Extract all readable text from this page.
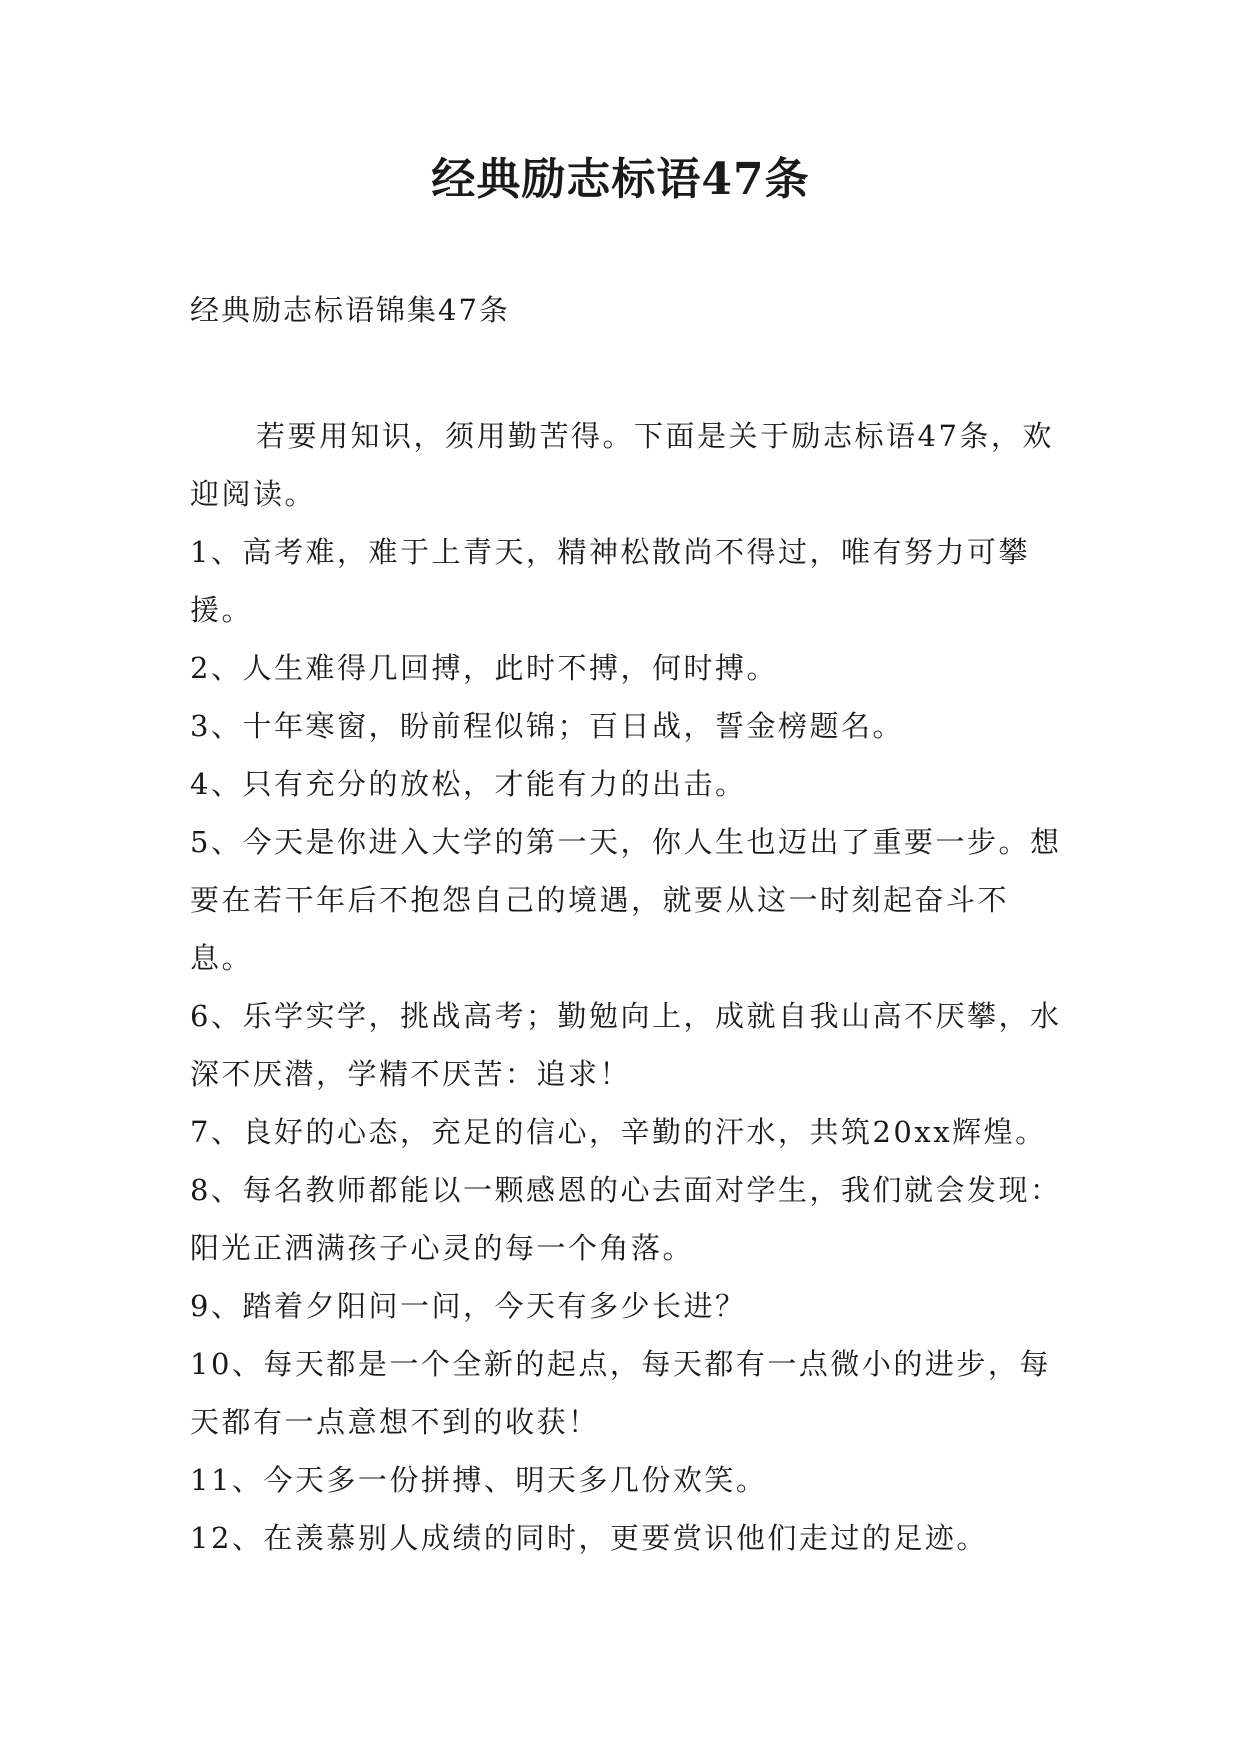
经典励志标语47条
经典励志标语锦集47条

若要用知识，须用勤苦得。下面是关于励志标语47条，欢迎阅读。

1、高考难，难于上青天，精神松散尚不得过，唯有努力可攀援。

2、人生难得几回搏，此时不搏，何时搏。

3、十年寒窗，盼前程似锦；百日战，誓金榜题名。

4、只有充分的放松，才能有力的出击。

5、今天是你进入大学的第一天，你人生也迈出了重要一步。想要在若干年后不抱怨自己的境遇，就要从这一时刻起奋斗不息。

6、乐学实学，挑战高考；勤勉向上，成就自我山高不厌攀，水深不厌潜，学精不厌苦：追求！

7、良好的心态，充足的信心，辛勤的汗水，共筑20xx辉煌。

8、每名教师都能以一颗感恩的心去面对学生，我们就会发现：阳光正洒满孩子心灵的每一个角落。

9、踏着夕阳问一问，今天有多少长进？

10、每天都是一个全新的起点，每天都有一点微小的进步，每天都有一点意想不到的收获！

11、今天多一份拼搏、明天多几份欢笑。

12、在羡慕别人成绩的同时，更要赏识他们走过的足迹。
